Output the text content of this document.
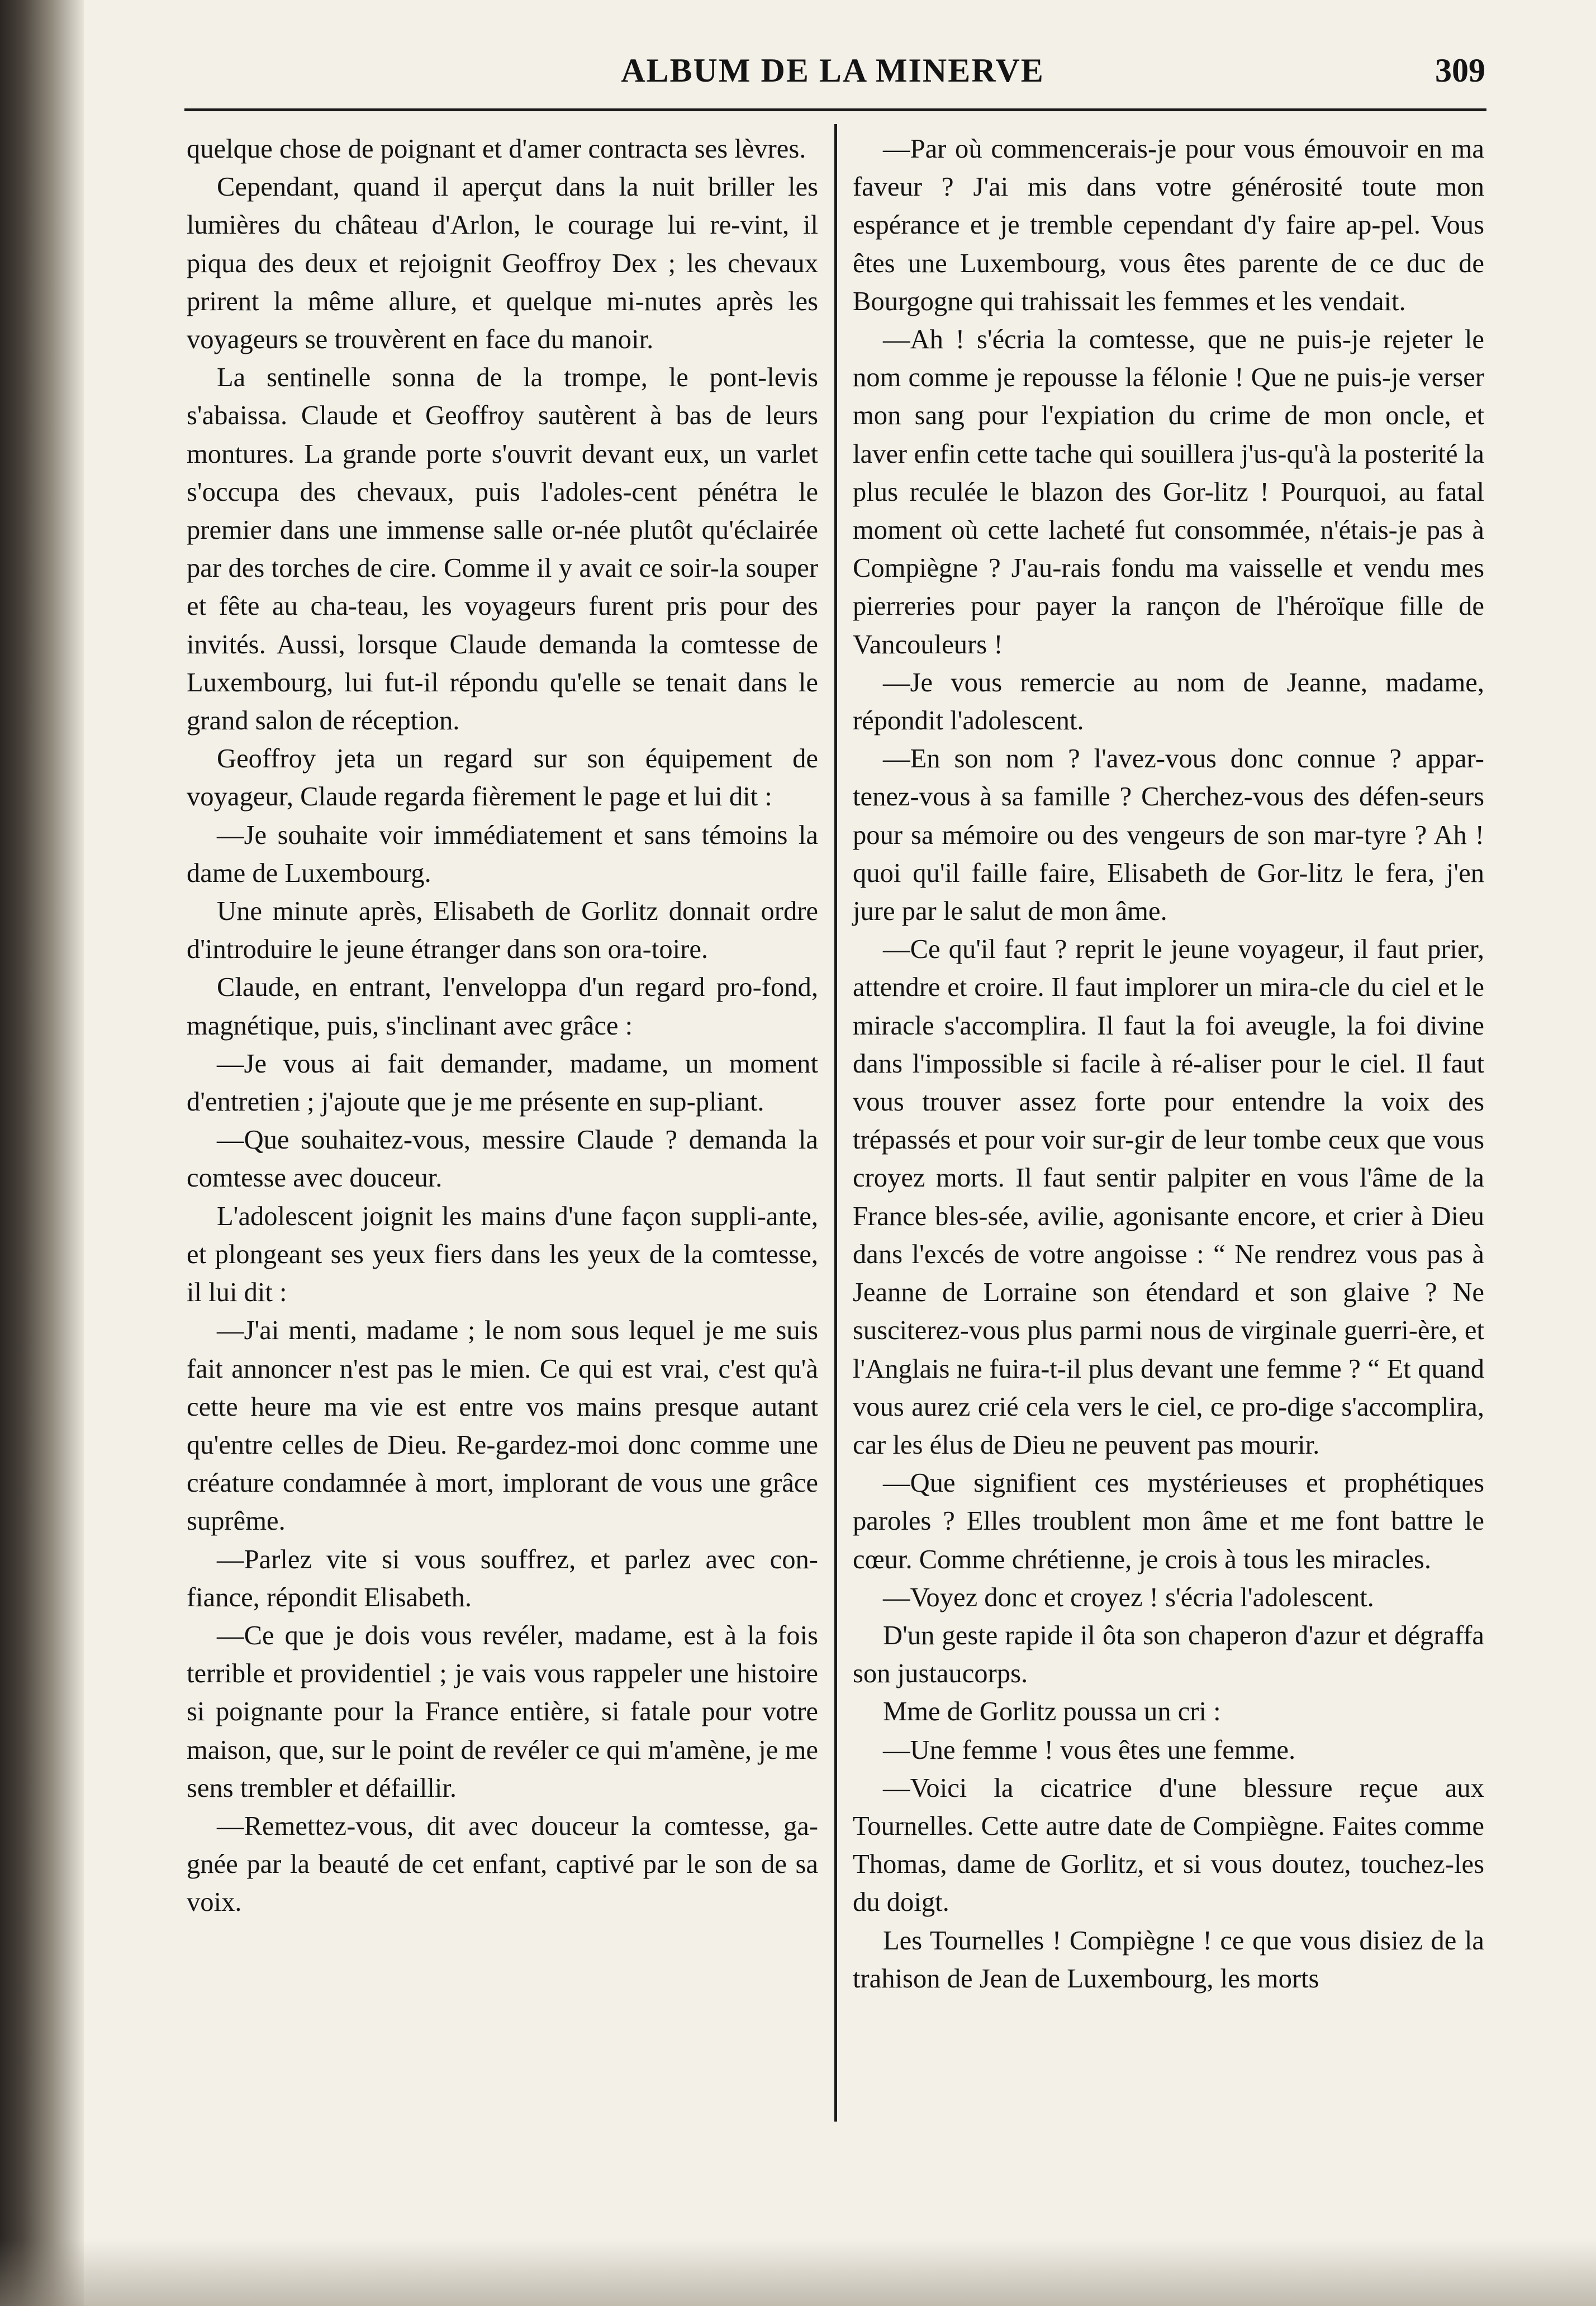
ALBUM DE LA MINERVE	309

quelque chose de poignant et d'amer contracta ses lèvres.

Cependant, quand il aperçut dans la nuit briller les lumières du château d'Arlon, le courage lui re-vint, il piqua des deux et rejoignit Geoffroy Dex ; les chevaux prirent la même allure, et quelque mi-nutes après les voyageurs se trouvèrent en face du manoir.

La sentinelle sonna de la trompe, le pont-levis s'abaissa. Claude et Geoffroy sautèrent à bas de leurs montures. La grande porte s'ouvrit devant eux, un varlet s'occupa des chevaux, puis l'adoles-cent pénétra le premier dans une immense salle or-née plutôt qu'éclairée par des torches de cire. Comme il y avait ce soir-la souper et fête au cha-teau, les voyageurs furent pris pour des invités. Aussi, lorsque Claude demanda la comtesse de Luxembourg, lui fut-il répondu qu'elle se tenait dans le grand salon de réception.

Geoffroy jeta un regard sur son équipement de voyageur, Claude regarda fièrement le page et lui dit :

—Je souhaite voir immédiatement et sans témoins la dame de Luxembourg.

Une minute après, Elisabeth de Gorlitz donnait ordre d'introduire le jeune étranger dans son ora-toire.

Claude, en entrant, l'enveloppa d'un regard pro-fond, magnétique, puis, s'inclinant avec grâce :

—Je vous ai fait demander, madame, un moment d'entretien ; j'ajoute que je me présente en sup-pliant.

—Que souhaitez-vous, messire Claude ? demanda la comtesse avec douceur.

L'adolescent joignit les mains d'une façon suppli-ante, et plongeant ses yeux fiers dans les yeux de la comtesse, il lui dit :

—J'ai menti, madame ; le nom sous lequel je me suis fait annoncer n'est pas le mien. Ce qui est vrai, c'est qu'à cette heure ma vie est entre vos mains presque autant qu'entre celles de Dieu. Re-gardez-moi donc comme une créature condamnée à mort, implorant de vous une grâce suprême.

—Parlez vite si vous souffrez, et parlez avec con-fiance, répondit Elisabeth.

—Ce que je dois vous revéler, madame, est à la fois terrible et providentiel ; je vais vous rappeler une histoire si poignante pour la France entière, si fatale pour votre maison, que, sur le point de revéler ce qui m'amène, je me sens trembler et défaillir.

—Remettez-vous, dit avec douceur la comtesse, ga-gnée par la beauté de cet enfant, captivé par le son de sa voix.

—Par où commencerais-je pour vous émouvoir en ma faveur ? J'ai mis dans votre générosité toute mon espérance et je tremble cependant d'y faire ap-pel. Vous êtes une Luxembourg, vous êtes parente de ce duc de Bourgogne qui trahissait les femmes et les vendait.

—Ah ! s'écria la comtesse, que ne puis-je rejeter le nom comme je repousse la félonie ! Que ne puis-je verser mon sang pour l'expiation du crime de mon oncle, et laver enfin cette tache qui souillera j'us-qu'à la posterité la plus reculée le blazon des Gor-litz ! Pourquoi, au fatal moment où cette lacheté fut consommée, n'étais-je pas à Compiègne ? J'au-rais fondu ma vaisselle et vendu mes pierreries pour payer la rançon de l'héroïque fille de Vancouleurs !

—Je vous remercie au nom de Jeanne, madame, répondit l'adolescent.

—En son nom ? l'avez-vous donc connue ? appar-tenez-vous à sa famille ? Cherchez-vous des défen-seurs pour sa mémoire ou des vengeurs de son mar-tyre ? Ah ! quoi qu'il faille faire, Elisabeth de Gor-litz le fera, j'en jure par le salut de mon âme.

—Ce qu'il faut ? reprit le jeune voyageur, il faut prier, attendre et croire. Il faut implorer un mira-cle du ciel et le miracle s'accomplira. Il faut la foi aveugle, la foi divine dans l'impossible si facile à ré-aliser pour le ciel. Il faut vous trouver assez forte pour entendre la voix des trépassés et pour voir sur-gir de leur tombe ceux que vous croyez morts. Il faut sentir palpiter en vous l'âme de la France bles-sée, avilie, agonisante encore, et crier à Dieu dans l'excés de votre angoisse : “ Ne rendrez vous pas à Jeanne de Lorraine son étendard et son glaive ? Ne susciterez-vous plus parmi nous de virginale guerri-ère, et l'Anglais ne fuira-t-il plus devant une femme ? “ Et quand vous aurez crié cela vers le ciel, ce pro-dige s'accomplira, car les élus de Dieu ne peuvent pas mourir.

—Que signifient ces mystérieuses et prophétiques paroles ? Elles troublent mon âme et me font battre le cœur. Comme chrétienne, je crois à tous les miracles.

—Voyez donc et croyez ! s'écria l'adolescent.

D'un geste rapide il ôta son chaperon d'azur et dégraffa son justaucorps.

Mme de Gorlitz poussa un cri :

—Une femme ! vous êtes une femme.

—Voici la cicatrice d'une blessure reçue aux Tournelles. Cette autre date de Compiègne. Faites comme Thomas, dame de Gorlitz, et si vous doutez, touchez-les du doigt.

Les Tournelles ! Compiègne ! ce que vous disiez de la trahison de Jean de Luxembourg, les morts
